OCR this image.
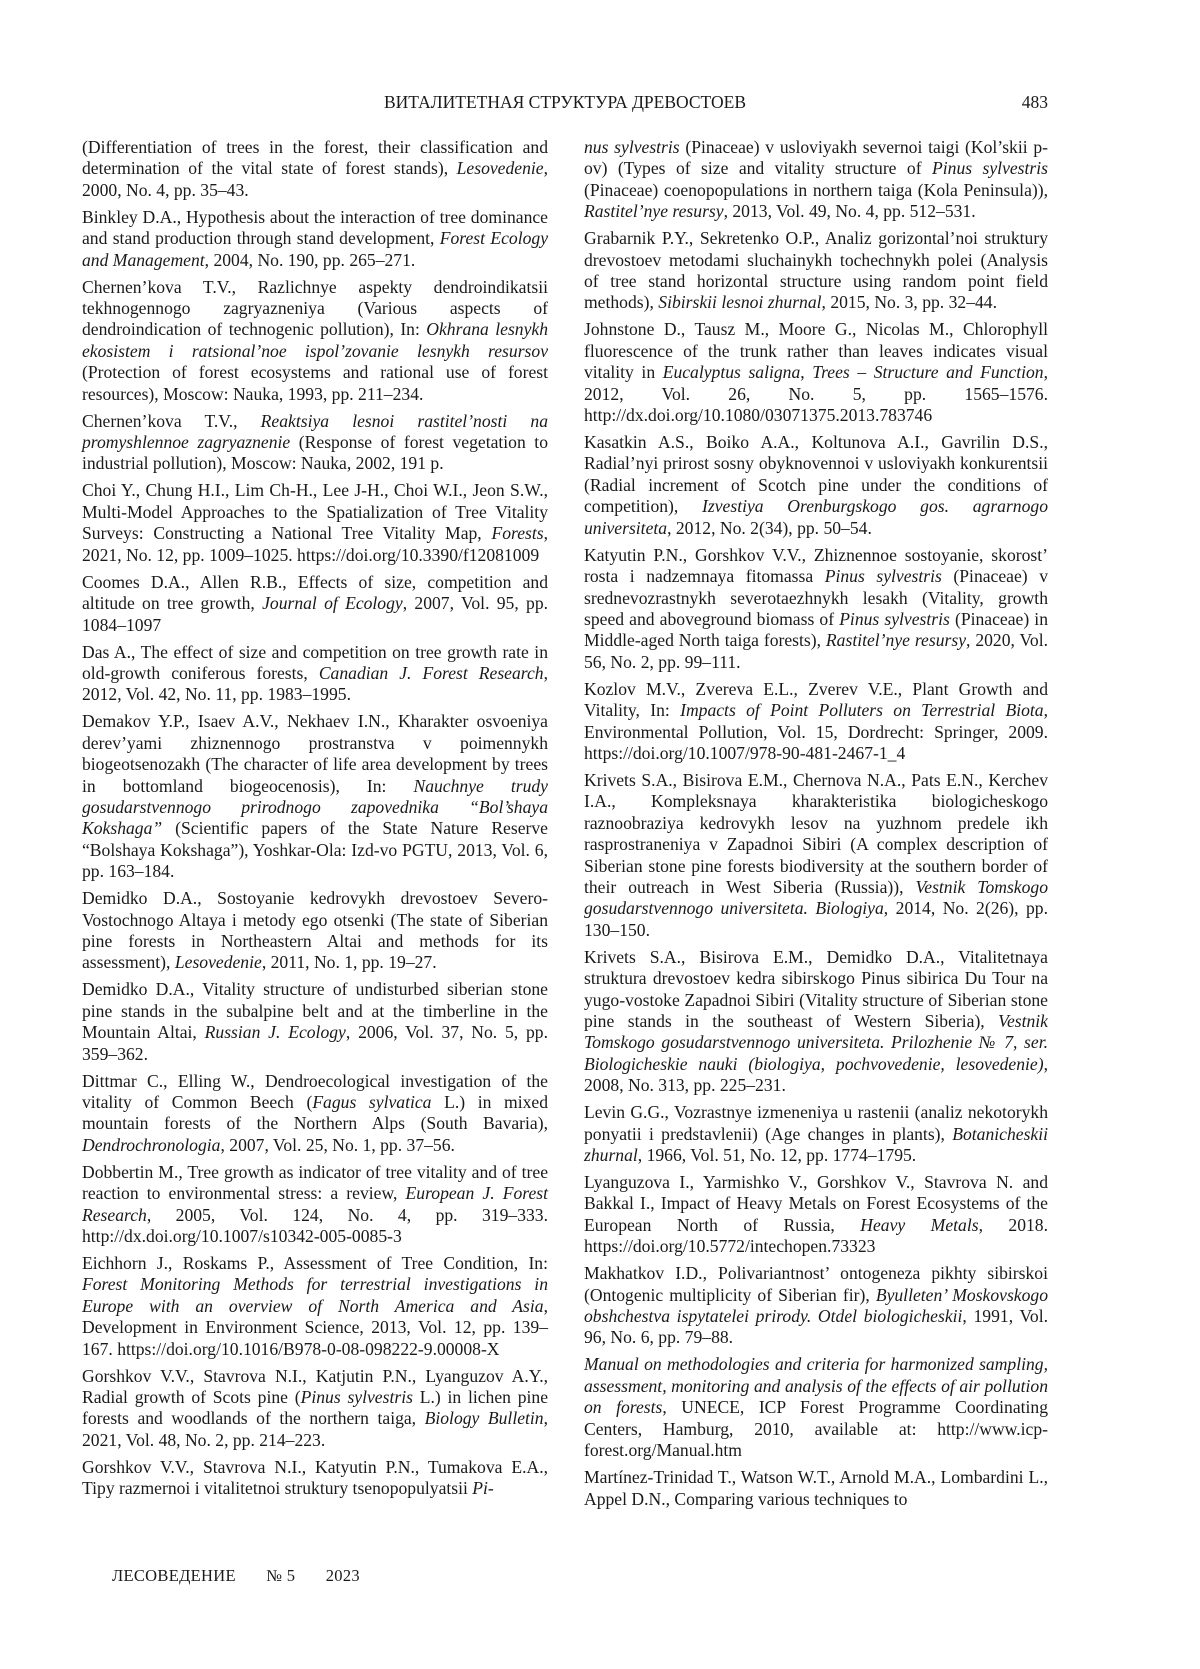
ВИТАЛИТЕТНАЯ СТРУКТУРА ДРЕВОСТОЕВ	483

(Differentiation of trees in the forest, their classification and determination of the vital state of forest stands), Lesovedenie, 2000, No. 4, pp. 35–43.

Binkley D.A., Hypothesis about the interaction of tree dominance and stand production through stand development, Forest Ecology and Management, 2004, No. 190, pp. 265–271.

Chernen’kova T.V., Razlichnye aspekty dendroindikatsii tekhnogennogo zagryazneniya (Various aspects of dendroindication of technogenic pollution), In: Okhrana lesnykh ekosistem i ratsional’noe ispol’zovanie lesnykh resursov (Protection of forest ecosystems and rational use of forest resources), Moscow: Nauka, 1993, pp. 211–234.

Chernen’kova T.V., Reaktsiya lesnoi rastitel’nosti na promyshlennoe zagryaznenie (Response of forest vegetation to industrial pollution), Moscow: Nauka, 2002, 191 p.

Choi Y., Chung H.I., Lim Ch-H., Lee J-H., Choi W.I., Jeon S.W., Multi-Model Approaches to the Spatialization of Tree Vitality Surveys: Constructing a National Tree Vitality Map, Forests, 2021, No. 12, pp. 1009–1025. https://doi.org/10.3390/f12081009

Coomes D.A., Allen R.B., Effects of size, competition and altitude on tree growth, Journal of Ecology, 2007, Vol. 95, pp. 1084–1097

Das A., The effect of size and competition on tree growth rate in old-growth coniferous forests, Canadian J. Forest Research, 2012, Vol. 42, No. 11, pp. 1983–1995.

Demakov Y.P., Isaev A.V., Nekhaev I.N., Kharakter osvoeniya derev’yami zhiznennogo prostranstva v poimennykh biogeotsenozakh (The character of life area development by trees in bottomland biogeocenosis), In: Nauchnye trudy gosudarstvennogo prirodnogo zapovednika “Bol’shaya Kokshaga” (Scientific papers of the State Nature Reserve “Bolshaya Kokshaga”), Yoshkar-Ola: Izd-vo PGTU, 2013, Vol. 6, pp. 163–184.

Demidko D.A., Sostoyanie kedrovykh drevostoev Severo-Vostochnogo Altaya i metody ego otsenki (The state of Siberian pine forests in Northeastern Altai and methods for its assessment), Lesovedenie, 2011, No. 1, pp. 19–27.

Demidko D.A., Vitality structure of undisturbed siberian stone pine stands in the subalpine belt and at the timberline in the Mountain Altai, Russian J. Ecology, 2006, Vol. 37, No. 5, pp. 359–362.

Dittmar C., Elling W., Dendroecological investigation of the vitality of Common Beech (Fagus sylvatica L.) in mixed mountain forests of the Northern Alps (South Bavaria), Dendrochronologia, 2007, Vol. 25, No. 1, pp. 37–56.

Dobbertin M., Tree growth as indicator of tree vitality and of tree reaction to environmental stress: a review, European J. Forest Research, 2005, Vol. 124, No. 4, pp. 319–333. http://dx.doi.org/10.1007/s10342-005-0085-3

Eichhorn J., Roskams P., Assessment of Tree Condition, In: Forest Monitoring Methods for terrestrial investigations in Europe with an overview of North America and Asia, Development in Environment Science, 2013, Vol. 12, pp. 139–167. https://doi.org/10.1016/B978-0-08-098222-9.00008-X

Gorshkov V.V., Stavrova N.I., Katjutin P.N., Lyanguzov A.Y., Radial growth of Scots pine (Pinus sylvestris L.) in lichen pine forests and woodlands of the northern taiga, Biology Bulletin, 2021, Vol. 48, No. 2, pp. 214–223.

Gorshkov V.V., Stavrova N.I., Katyutin P.N., Tumakova E.A., Tipy razmernoi i vitalitetnoi struktury tsenopopulyatsii Pi-

nus sylvestris (Pinaceae) v usloviyakh severnoi taigi (Kol’skii p-ov) (Types of size and vitality structure of Pinus sylvestris (Pinaceae) coenopopulations in northern taiga (Kola Peninsula)), Rastitel’nye resursy, 2013, Vol. 49, No. 4, pp. 512–531.

Grabarnik P.Y., Sekretenko O.P., Analiz gorizontal’noi struktury drevostoev metodami sluchainykh tochechnykh polei (Analysis of tree stand horizontal structure using random point field methods), Sibirskii lesnoi zhurnal, 2015, No. 3, pp. 32–44.

Johnstone D., Tausz M., Moore G., Nicolas M., Chlorophyll fluorescence of the trunk rather than leaves indicates visual vitality in Eucalyptus saligna, Trees – Structure and Function, 2012, Vol. 26, No. 5, pp. 1565–1576. http://dx.doi.org/10.1080/03071375.2013.783746

Kasatkin A.S., Boiko A.A., Koltunova A.I., Gavrilin D.S., Radial’nyi prirost sosny obyknovennoi v usloviyakh konkurentsii (Radial increment of Scotch pine under the conditions of competition), Izvestiya Orenburgskogo gos. agrarnogo universiteta, 2012, No. 2(34), pp. 50–54.

Katyutin P.N., Gorshkov V.V., Zhiznennoe sostoyanie, skorost’ rosta i nadzemnaya fitomassa Pinus sylvestris (Pinaceae) v srednevozrastnykh severotaezhnykh lesakh (Vitality, growth speed and aboveground biomass of Pinus sylvestris (Pinaceae) in Middle-aged North taiga forests), Rastitel’nye resursy, 2020, Vol. 56, No. 2, pp. 99–111.

Kozlov M.V., Zvereva E.L., Zverev V.E., Plant Growth and Vitality, In: Impacts of Point Polluters on Terrestrial Biota, Environmental Pollution, Vol. 15, Dordrecht: Springer, 2009. https://doi.org/10.1007/978-90-481-2467-1_4

Krivets S.A., Bisirova E.M., Chernova N.A., Pats E.N., Kerchev I.A., Kompleksnaya kharakteristika biologicheskogo raznoobraziya kedrovykh lesov na yuzhnom predele ikh rasprostraneniya v Zapadnoi Sibiri (A complex description of Siberian stone pine forests biodiversity at the southern border of their outreach in West Siberia (Russia)), Vestnik Tomskogo gosudarstvennogo universiteta. Biologiya, 2014, No. 2(26), pp. 130–150.

Krivets S.A., Bisirova E.M., Demidko D.A., Vitalitetnaya struktura drevostoev kedra sibirskogo Pinus sibirica Du Tour na yugo-vostoke Zapadnoi Sibiri (Vitality structure of Siberian stone pine stands in the southeast of Western Siberia), Vestnik Tomskogo gosudarstvennogo universiteta. Prilozhenie № 7, ser. Biologicheskie nauki (biologiya, pochvovedenie, lesovedenie), 2008, No. 313, pp. 225–231.

Levin G.G., Vozrastnye izmeneniya u rastenii (analiz nekotorykh ponyatii i predstavlenii) (Age changes in plants), Botanicheskii zhurnal, 1966, Vol. 51, No. 12, pp. 1774–1795.

Lyanguzova I., Yarmishko V., Gorshkov V., Stavrova N. and Bakkal I., Impact of Heavy Metals on Forest Ecosystems of the European North of Russia, Heavy Metals, 2018. https://doi.org/10.5772/intechopen.73323

Makhatkov I.D., Polivariantnost’ ontogeneza pikhty sibirskoi (Ontogenic multiplicity of Siberian fir), Byulleten’ Moskovskogo obshchestva ispytatelei prirody. Otdel biologicheskii, 1991, Vol. 96, No. 6, pp. 79–88.

Manual on methodologies and criteria for harmonized sampling, assessment, monitoring and analysis of the effects of air pollution on forests, UNECE, ICP Forest Programme Coordinating Centers, Hamburg, 2010, available at: http://www.icp-forest.org/Manual.htm

Martínez-Trinidad T., Watson W.T., Arnold M.A., Lombardini L., Appel D.N., Comparing various techniques to

ЛЕСОВЕДЕНИЕ № 5 2023
